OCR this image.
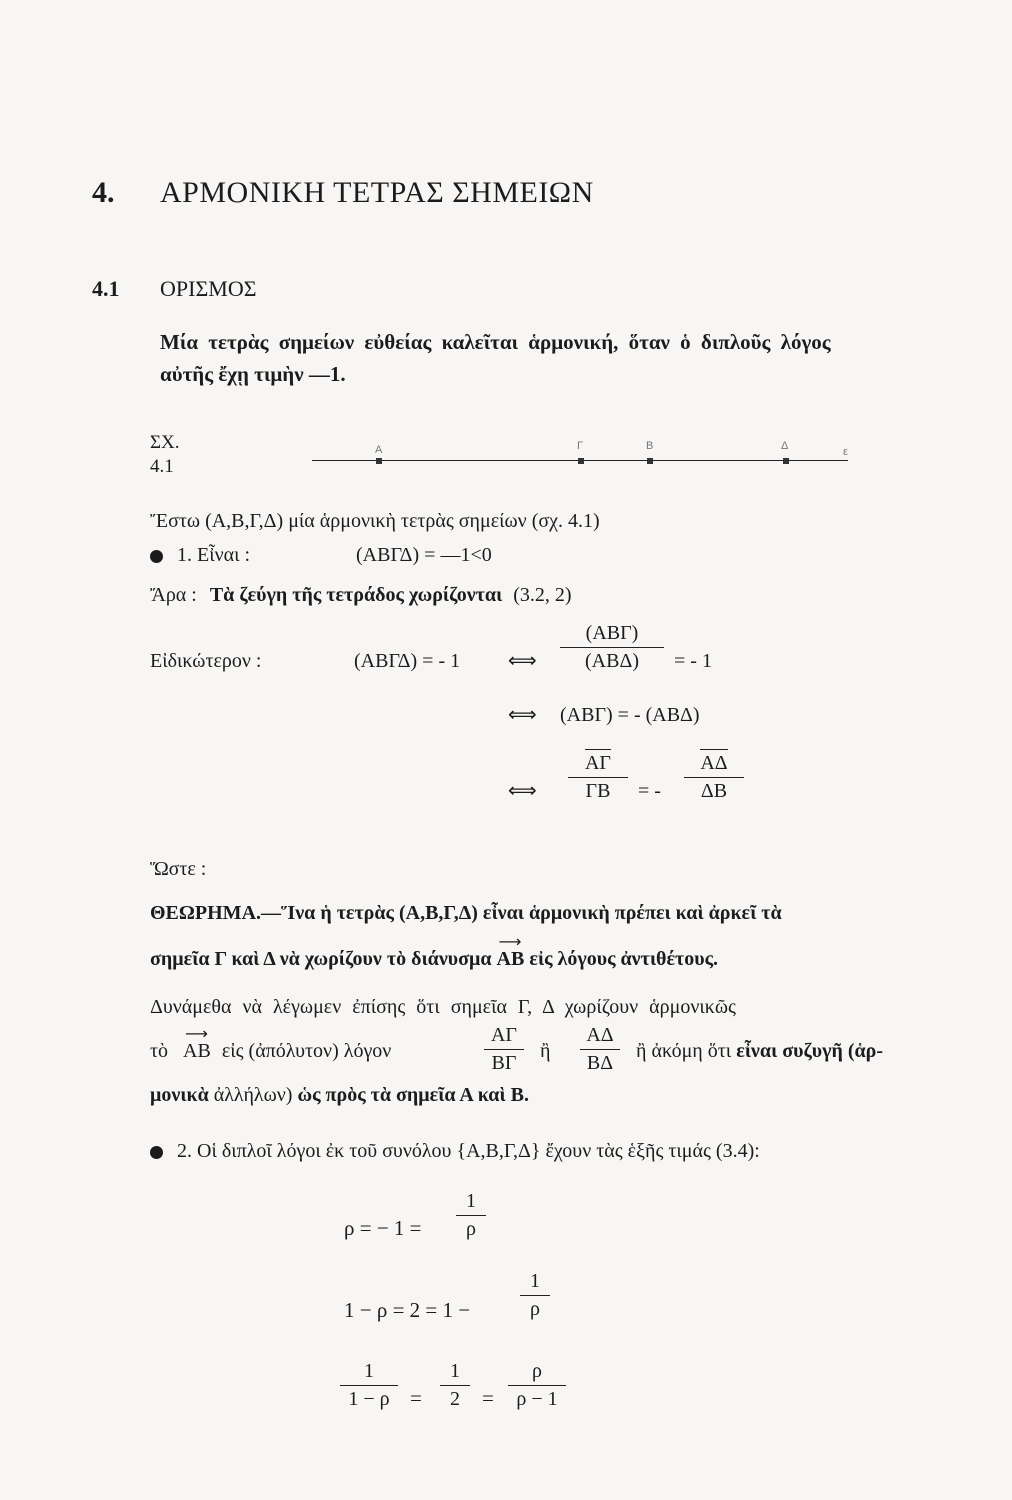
4. ΑΡΜΟΝΙΚΗ ΤΕΤΡΑΣ ΣΗΜΕΙΩΝ
4.1 ΟΡΙΣΜΟΣ
Μία τετρὰς σημείων εὐθείας καλεῖται ἁρμονική, ὅταν ὁ διπλοῦς λόγος
αὐτῆς ἔχῃ τιμὴν —1.
ΣΧ.
4.1
A	Γ	B	Δ	ε
Ἔστω (Α,Β,Γ,Δ) μία ἁρμονικὴ τετρὰς σημείων (σχ. 4.1)
1. Εἶναι :	(ΑΒΓΔ) = —1<0
Ἄρα : Τὰ ζεύγη τῆς τετράδος χωρίζονται (3.2, 2)
Εἰδικώτερον :	(ΑΒΓΔ) = - 1 ⟺
(ΑΒΓ)
(ΑΒΔ)	= - 1
⟺ (ΑΒΓ) = - (ΑΒΔ)
⟺
ΑΓ
ΓΒ	= -
ΑΔ
ΔΒ
Ὥστε :
ΘΕΩΡΗΜΑ.—Ἵνα ἡ τετρὰς (Α,Β,Γ,Δ) εἶναι ἁρμονικὴ πρέπει καὶ ἀρκεῖ τὰ
σημεῖα Γ καὶ Δ νὰ χωρίζουν τὸ διάνυσμα
⟶
ΑΒ εἰς λόγους ἀντιθέτους.
Δυνάμεθα νὰ λέγωμεν ἐπίσης ὅτι σημεῖα Γ, Δ χωρίζουν ἁρμονικῶς
τὸ
⟶
ΑΒ εἰς (ἀπόλυτον) λόγον
ΑΓ
ΒΓ
ἢ
ΑΔ
ΒΔ
ἢ ἀκόμη ὅτι εἶναι συζυγῆ (ἁρ-
μονικὰ ἀλλήλων) ὡς πρὸς τὰ σημεῖα Α καὶ Β.
2. Οἱ διπλοῖ λόγοι ἐκ τοῦ συνόλου {Α,Β,Γ,Δ} ἔχουν τὰς ἑξῆς τιμάς (3.4):
ρ = − 1 =
1
ρ
1 − ρ = 2 = 1 −
1
ρ
1
1 − ρ =
1
2	=
ρ
ρ − 1
